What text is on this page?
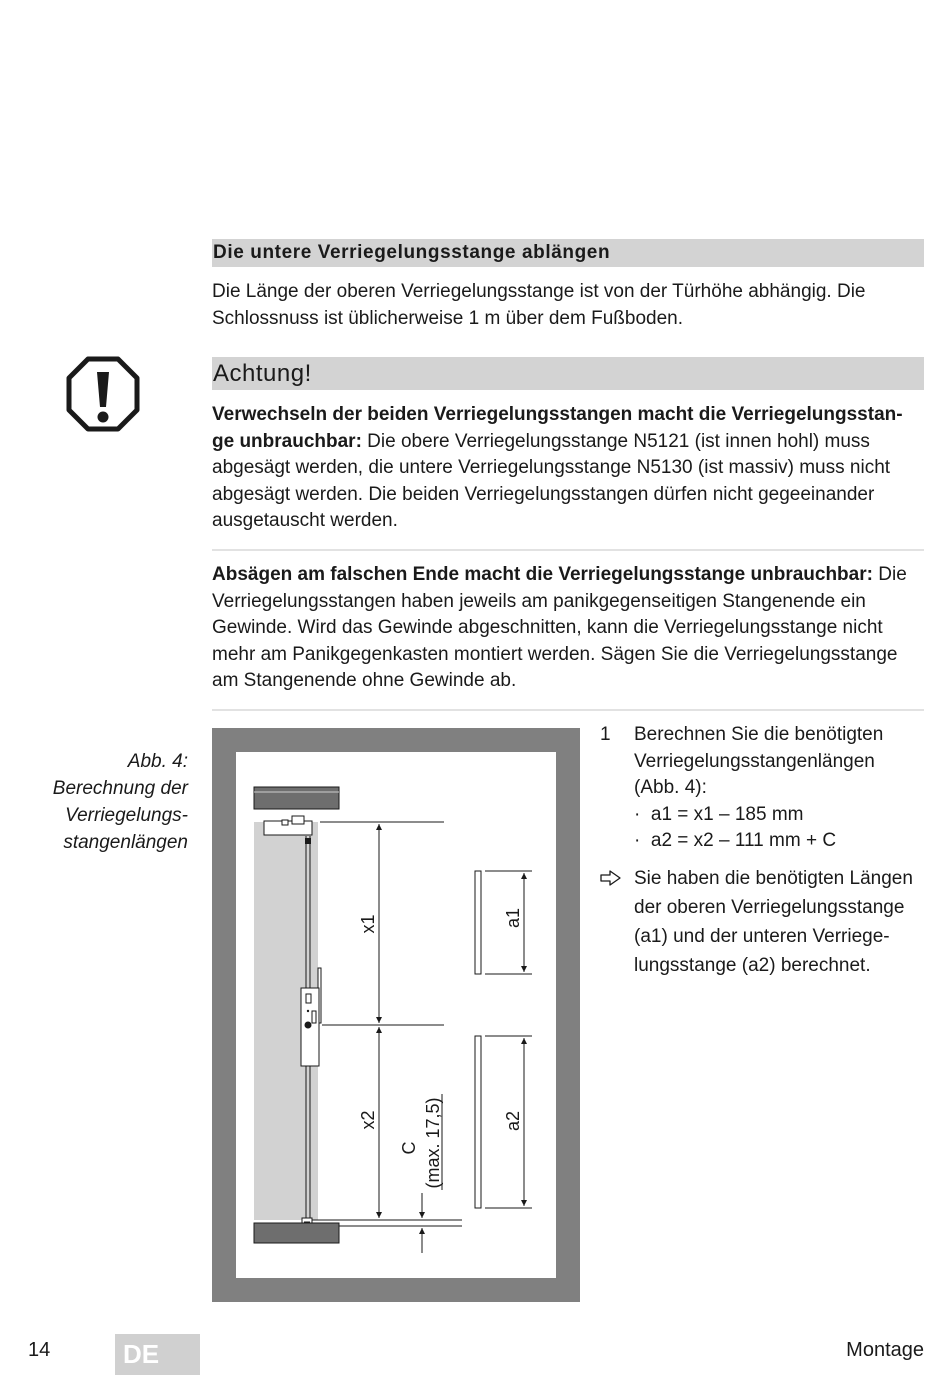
Die untere Verriegelungsstange ablängen
Die Länge der oberen Verriegelungsstange ist von der Türhöhe abhängig. Die
Schlossnuss ist üblicherweise 1 m über dem Fußboden.
Achtung!
Verwechseln der beiden Verriegelungsstangen macht die Verriegelungsstan-
ge unbrauchbar: Die obere Verriegelungsstange N5121 (ist innen hohl) muss
abgesägt werden, die untere Verriegelungsstange N5130 (ist massiv) muss nicht
abgesägt werden. Die beiden Verriegelungsstangen dürfen nicht gegeeinander
ausgetauscht werden.
Absägen am falschen Ende macht die Verriegelungsstange unbrauchbar: Die
Verriegelungsstangen haben jeweils am panikgegenseitigen Stangenende ein
Gewinde. Wird das Gewinde abgeschnitten, kann die Verriegelungsstange nicht
mehr am Panikgegenkasten montiert werden. Sägen Sie die Verriegelungsstange
am Stangenende ohne Gewinde ab.
Abb. 4:
Berechnung der
Verriegelungs-
stangenlängen
x1
x2
C (max. 17,5)
a1
a2
1 Berechnen Sie die benötigten
Verriegelungsstangenlängen
(Abb. 4):
· a1 = x1 – 185 mm
· a2 = x2 – 111 mm + C
Sie haben die benötigten Längen
der oberen Verriegelungsstange
(a1) und der unteren Verriege-
lungsstange (a2) berechnet.
14	DE	Montage
